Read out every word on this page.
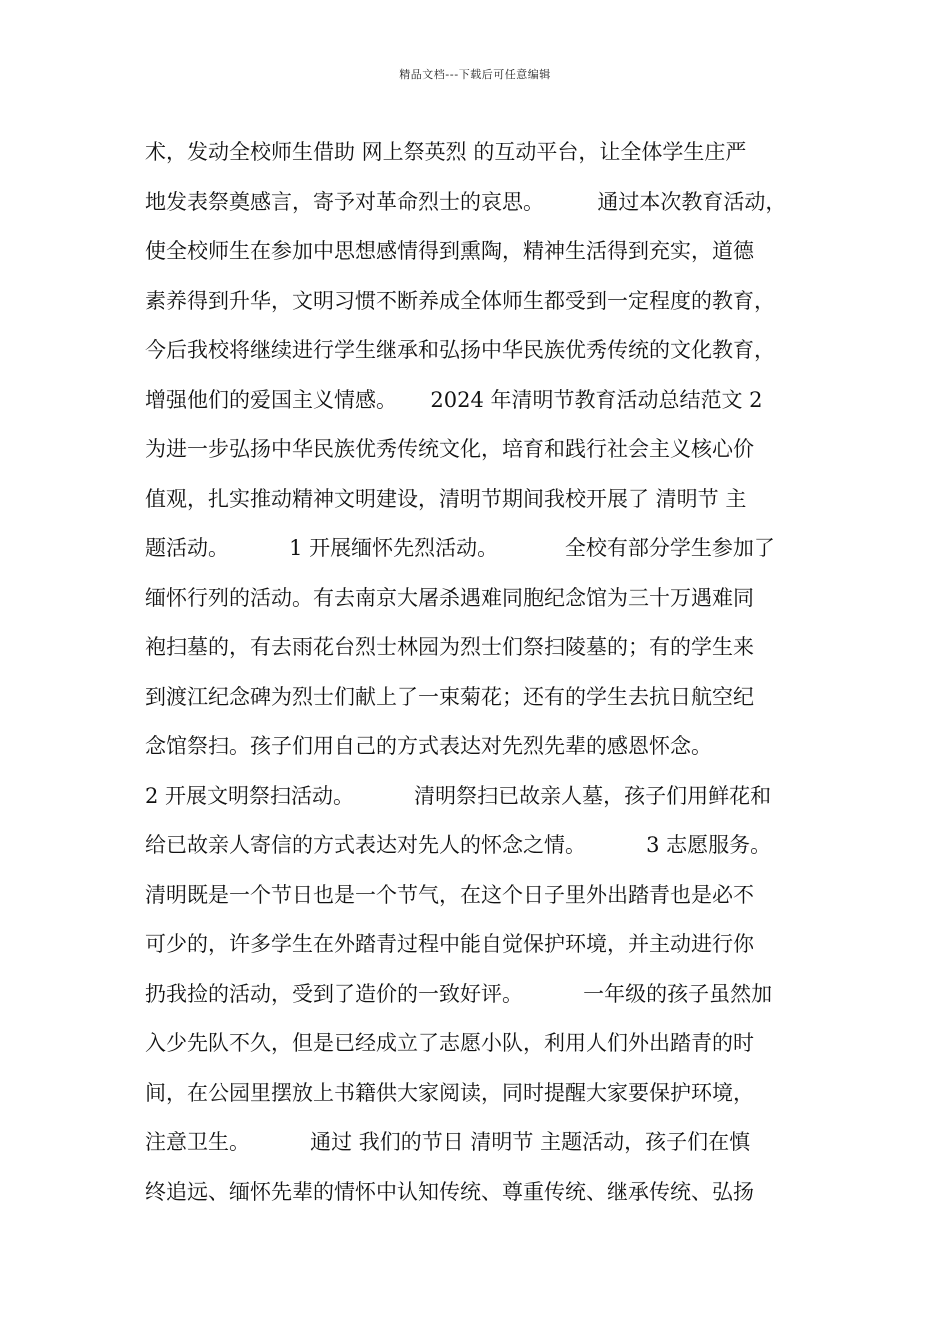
精品文档---下载后可任意编辑
术，发动全校师生借助 网上祭英烈 的互动平台，让全体学生庄严
地发表祭奠感言，寄予对革命烈士的哀思。        通过本次教育活动，
使全校师生在参加中思想感情得到熏陶，精神生活得到充实，道德
素养得到升华，文明习惯不断养成全体师生都受到一定程度的教育，
今后我校将继续进行学生继承和弘扬中华民族优秀传统的文化教育，
增强他们的爱国主义情感。     2024 年清明节教育活动总结范文 2
为进一步弘扬中华民族优秀传统文化，培育和践行社会主义核心价
值观，扎实推动精神文明建设，清明节期间我校开展了 清明节 主
题活动。         1 开展缅怀先烈活动。          全校有部分学生参加了
缅怀行列的活动。有去南京大屠杀遇难同胞纪念馆为三十万遇难同
袍扫墓的，有去雨花台烈士林园为烈士们祭扫陵墓的；有的学生来
到渡江纪念碑为烈士们献上了一束菊花；还有的学生去抗日航空纪
念馆祭扫。孩子们用自己的方式表达对先烈先辈的感恩怀念。
2 开展文明祭扫活动。         清明祭扫已故亲人墓，孩子们用鲜花和
给已故亲人寄信的方式表达对先人的怀念之情。         3 志愿服务。
清明既是一个节日也是一个节气，在这个日子里外出踏青也是必不
可少的，许多学生在外踏青过程中能自觉保护环境，并主动进行你
扔我捡的活动，受到了造价的一致好评。         一年级的孩子虽然加
入少先队不久，但是已经成立了志愿小队，利用人们外出踏青的时
间，在公园里摆放上书籍供大家阅读，同时提醒大家要保护环境，
注意卫生。         通过 我们的节日 清明节 主题活动，孩子们在慎
终追远、缅怀先辈的情怀中认知传统、尊重传统、继承传统、弘扬
